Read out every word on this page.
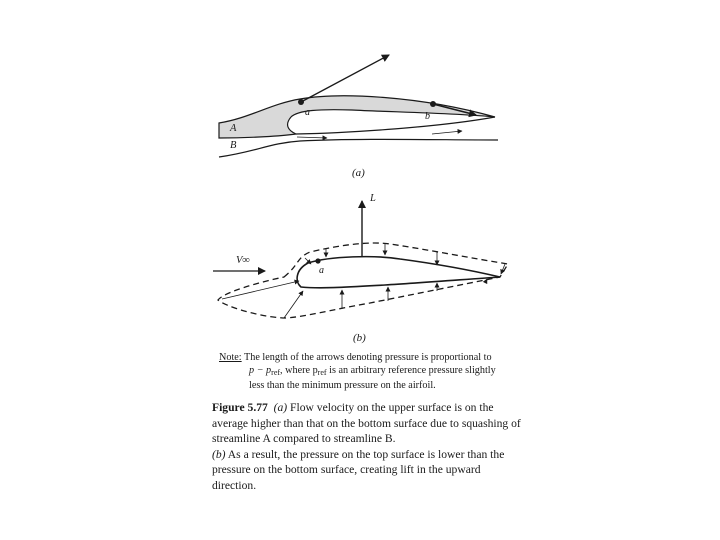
a	b
A
B
(a)
L
V∞
a
(b)
Note: The length of the arrows denoting pressure is proportional to
$p - p_{ref}$, where $p_{ref}$ is an arbitrary reference pressure slightly
less than the minimum pressure on the airfoil.
Figure 5.77 (a) Flow velocity on the upper surface is on the average higher than that on the bottom surface due to squashing of streamline A compared to streamline B.
(b) As a result, the pressure on the top surface is lower than the pressure on the bottom surface, creating lift in the upward direction.
